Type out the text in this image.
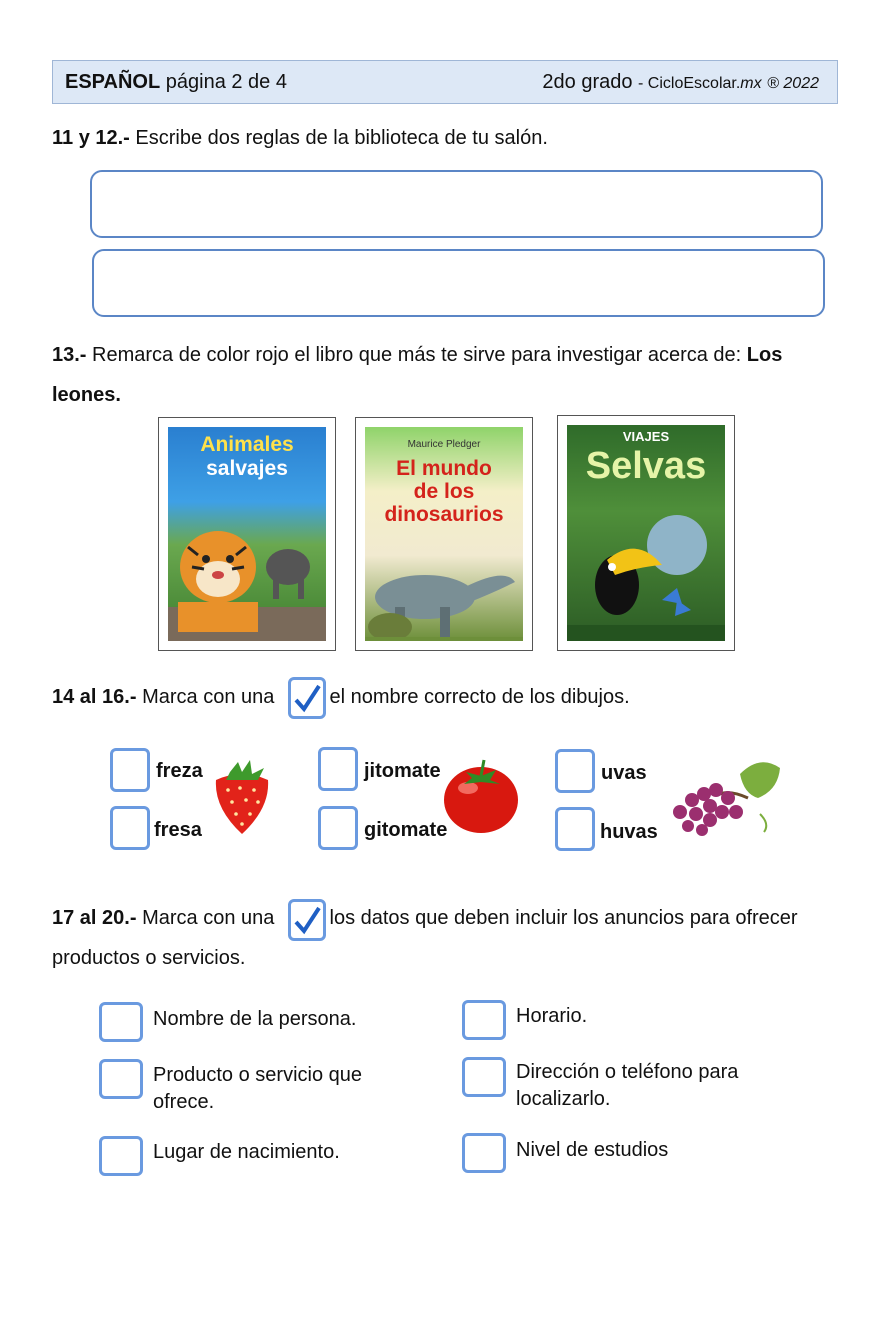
ESPAÑOL página 2 de 4	2do grado - CicloEscolar.mx ® 2022
11 y 12.- Escribe dos reglas de la biblioteca de tu salón.
13.- Remarca de color rojo el libro que más te sirve para investigar acerca de: Los
leones.
Animales
salvajes
Maurice Pledger
El mundo
de los
dinosaurios
VIAJES
Selvas
14 al 16.- Marca con una	el nombre correcto de los dibujos.
freza
fresa
jitomate
gitomate
uvas
huvas
17 al 20.- Marca con una	los datos que deben incluir los anuncios para ofrecer
productos o servicios.
Nombre de la persona.
Producto o servicio que
ofrece.
Lugar de nacimiento.
Horario.
Dirección o teléfono para
localizarlo.
Nivel de estudios
